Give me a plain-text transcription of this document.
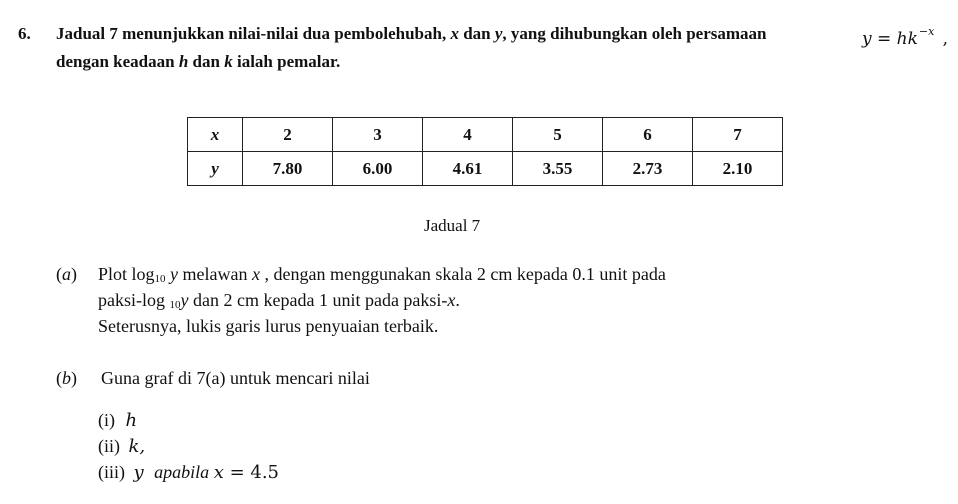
6. Jadual 7 menunjukkan nilai-nilai dua pembolehubah, x dan y, yang dihubungkan oleh persamaan	$y = hk^{-x}$ ,
dengan keadaan h dan k ialah pemalar.
x	2	3	4	5	6	7
y	7.80	6.00	4.61	3.55	2.73	2.10
Jadual 7
(a) Plot $\log_{10} y$ melawan x , dengan menggunakan skala 2 cm kepada 0.1 unit pada
paksi-log $_{10}$y dan 2 cm kepada 1 unit pada paksi-x.
Seterusnya, lukis garis lurus penyuaian terbaik.
(b) Guna graf di 7(a) untuk mencari nilai
(i) h
(ii) k,
(iii) y apabila x = 4.5
